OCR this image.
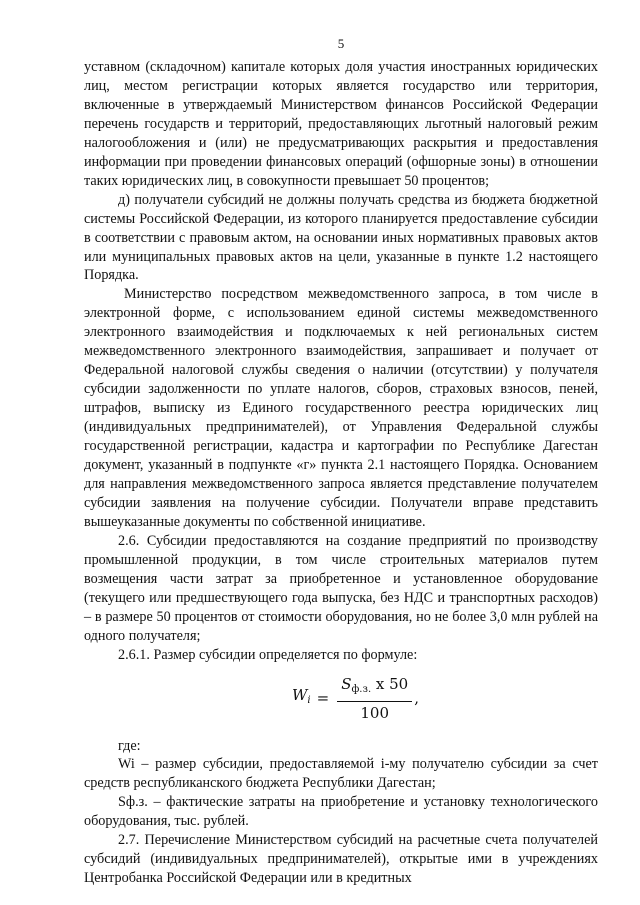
5

уставном (складочном) капитале которых доля участия иностранных юридических лиц, местом регистрации которых является государство или территория, включенные в утверждаемый Министерством финансов Российской Федерации перечень государств и территорий, предоставляющих льготный налоговый режим налогообложения и (или) не предусматривающих раскрытия и предоставления информации при проведении финансовых операций (офшорные зоны) в отношении таких юридических лиц, в совокупности превышает 50 процентов;

д) получатели субсидий не должны получать средства из бюджета бюджетной системы Российской Федерации, из которого планируется предоставление субсидии в соответствии с правовым актом, на основании иных нормативных правовых актов или муниципальных правовых актов на цели, указанные в пункте 1.2 настоящего Порядка.

Министерство посредством межведомственного запроса, в том числе в электронной форме, с использованием единой системы межведомственного электронного взаимодействия и подключаемых к ней региональных систем межведомственного электронного взаимодействия, запрашивает и получает от Федеральной налоговой службы сведения о наличии (отсутствии) у получателя субсидии задолженности по уплате налогов, сборов, страховых взносов, пеней, штрафов, выписку из Единого государственного реестра юридических лиц (индивидуальных предпринимателей), от Управления Федеральной службы государственной регистрации, кадастра и картографии по Республике Дагестан документ, указанный в подпункте «г» пункта 2.1 настоящего Порядка. Основанием для направления межведомственного запроса является представление получателем субсидии заявления на получение субсидии. Получатели вправе представить вышеуказанные документы по собственной инициативе.

2.6. Субсидии предоставляются на создание предприятий по производству промышленной продукции, в том числе строительных материалов путем возмещения части затрат за приобретенное и установленное оборудование (текущего или предшествующего года выпуска, без НДС и транспортных расходов) – в размере 50 процентов от стоимости оборудования, но не более 3,0 млн рублей на одного получателя;

2.6.1. Размер субсидии определяется по формуле:

$W_i = \frac{S_{ф.з.} x 50}{100}$ ,

где:

Wi – размер субсидии, предоставляемой i-му получателю субсидии за счет средств республиканского бюджета Республики Дагестан;

Sф.з. – фактические затраты на приобретение и установку технологического оборудования, тыс. рублей.

2.7. Перечисление Министерством субсидий на расчетные счета получателей субсидий (индивидуальных предпринимателей), открытые ими в учреждениях Центробанка Российской Федерации или в кредитных
